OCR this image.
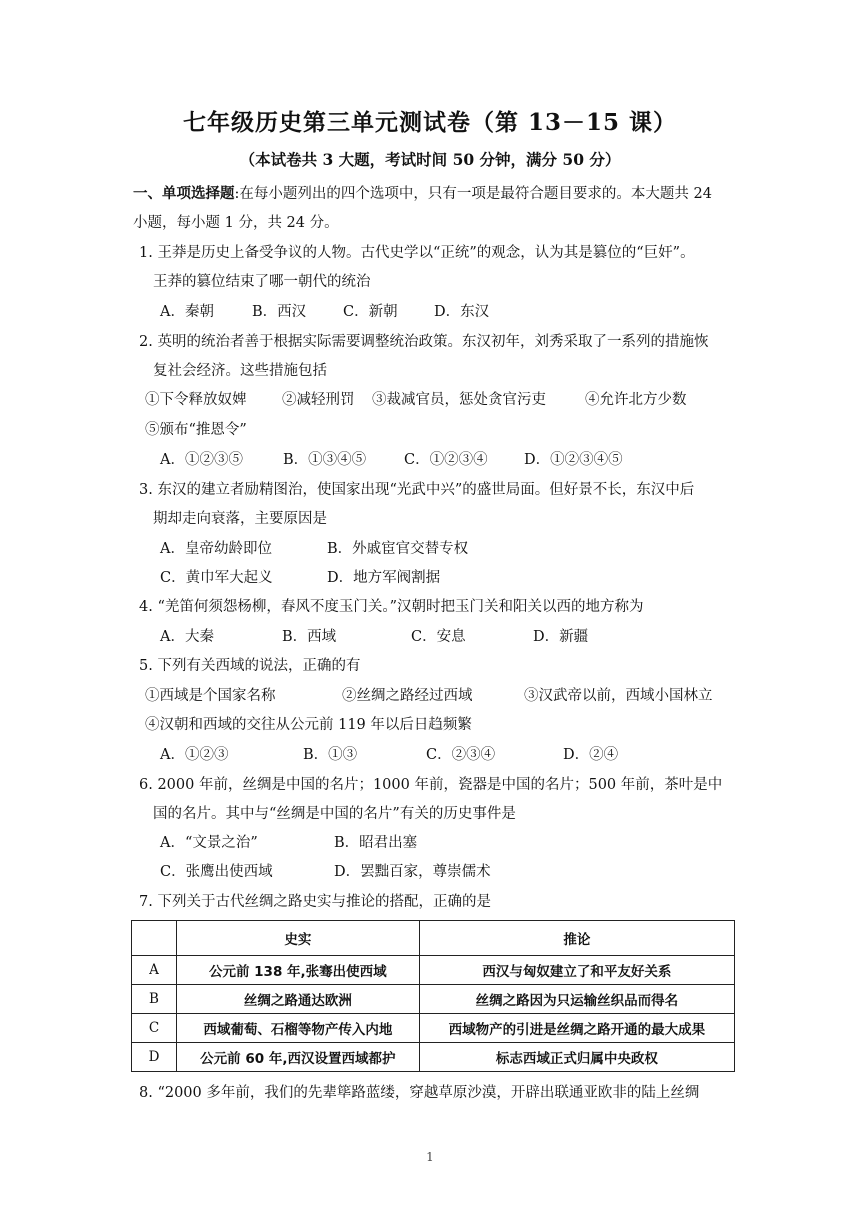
七年级历史第三单元测试卷（第 13－15 课）
（本试卷共 3 大题，考试时间 50 分钟，满分 50 分）
一、单项选择题:在每小题列出的四个选项中，只有一项是最符合题目要求的。本大题共 24
小题，每小题 1 分，共 24 分。
1. 王莽是历史上备受争议的人物。古代史学以“正统”的观念，认为其是篡位的“巨奸”。
王莽的篡位结束了哪一朝代的统治
A．秦朝	B．西汉	C．新朝	D．东汉
2. 英明的统治者善于根据实际需要调整统治政策。东汉初年，刘秀采取了一系列的措施恢
复社会经济。这些措施包括
①下令释放奴婢 ②减轻刑罚 ③裁减官员，惩处贪官污吏	④允许北方少数
⑤颁布“推恩令”
A．①②③⑤	B．①③④⑤	C．①②③④	D．①②③④⑤
3. 东汉的建立者励精图治，使国家出现“光武中兴”的盛世局面。但好景不长，东汉中后
期却走向衰落，主要原因是
A．皇帝幼龄即位	B．外戚宦官交替专权
C．黄巾军大起义	D．地方军阀割据
4. “羌笛何须怨杨柳，春风不度玉门关。”汉朝时把玉门关和阳关以西的地方称为
A．大秦	B．西域	C．安息	D．新疆
5. 下列有关西域的说法，正确的有
①西域是个国家名称	②丝绸之路经过西域	③汉武帝以前，西域小国林立
④汉朝和西域的交往从公元前 119 年以后日趋频繁
A．①②③	B．①③	C．②③④	D．②④
6. 2000 年前，丝绸是中国的名片；1000 年前，瓷器是中国的名片；500 年前，茶叶是中
国的名片。其中与“丝绸是中国的名片”有关的历史事件是
A．“文景之治”	B．昭君出塞
C．张鹰出使西域	D．罢黜百家，尊崇儒术
7. 下列关于古代丝绸之路史实与推论的搭配，正确的是
	史实	推论
A	公元前 138 年,张骞出使西域	西汉与匈奴建立了和平友好关系
B	丝绸之路通达欧洲	丝绸之路因为只运输丝织品而得名
C	西域葡萄、石榴等物产传入内地	西域物产的引进是丝绸之路开通的最大成果
D	公元前 60 年,西汉设置西域都护	标志西域正式归属中央政权
8. “2000 多年前，我们的先辈筚路蓝缕，穿越草原沙漠，开辟出联通亚欧非的陆上丝绸
1
